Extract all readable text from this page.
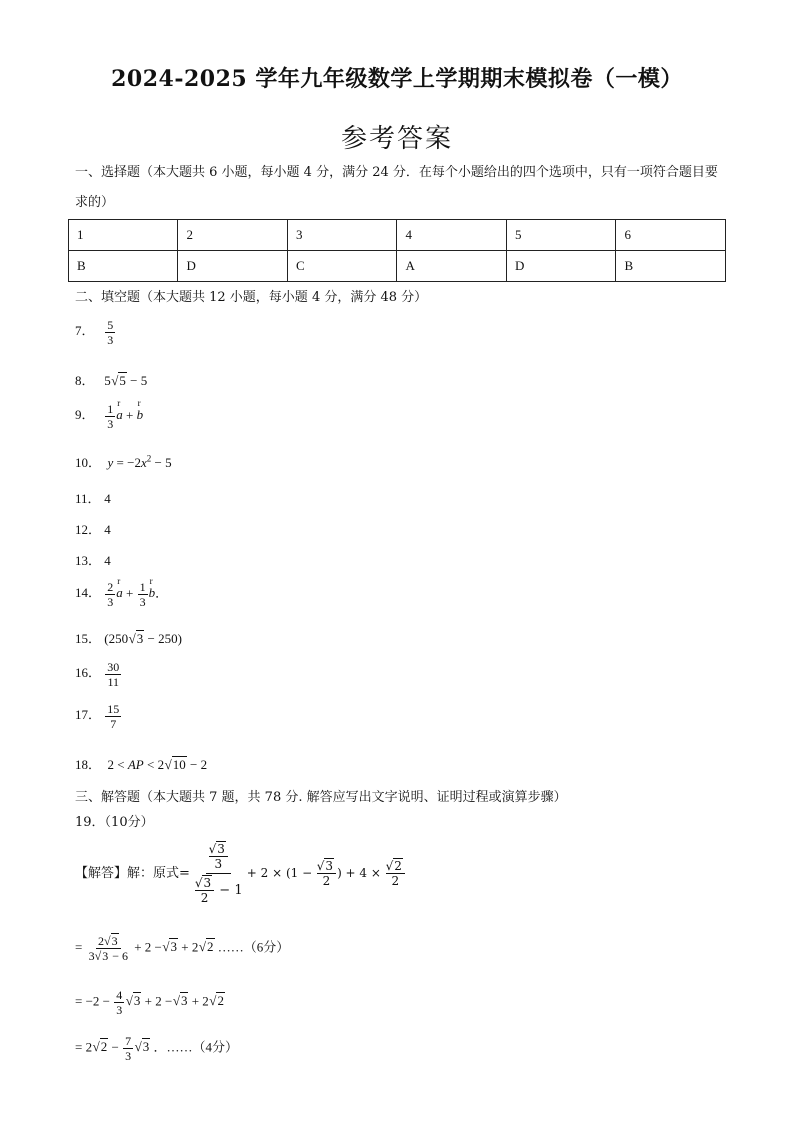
2024-2025 学年九年级数学上学期期末模拟卷（一模）
参考答案
一、选择题（本大题共 6 小题，每小题 4 分，满分 24 分．在每个小题给出的四个选项中，只有一项符合题目要求的）
1	2	3	4	5	6
B	D	C	A	D	B
二、填空题（本大题共 12 小题，每小题 4 分，满分 48 分）
7． $\frac{5}{3}$
8． 5  √ 5 − 5
9． $\frac{1}{3}$ r
a +
r
b
10． $y = -2x^2 - 5$
11． 4
12． 4
13． 4
14． $\frac{2}{3}$ r
$a + \frac{1}{3}$ r
b．
15． (250  √ 3 − 250)
16． $\frac{30}{11}$
17． $\frac{15}{7}$
18．  2 < AP < 2  √ 10 − 2
三、解答题（本大题共 7 题，共 78 分. 解答应写出文字说明、证明过程或演算步骤）
19．（10分）
【解答】解：原式= √ $\frac{3}{3}$
√ $\frac{3}{2} - 1 + 2 \times (1$ − √ $\frac{3}{2}$ ) + 4 × √ $\frac{2}{2}$
= $\frac{2 √ 3}{3 √ 3 - 6} + 2$ −  √ 3 + 2  √ 2 ……（6分）
= $-2 - \frac{4}{3}$ √ 3 + 2 −  √ 3 + 2  √ 2
= 2  √ $2 - \frac{7}{3}$ √ 3 ．……（4分）
